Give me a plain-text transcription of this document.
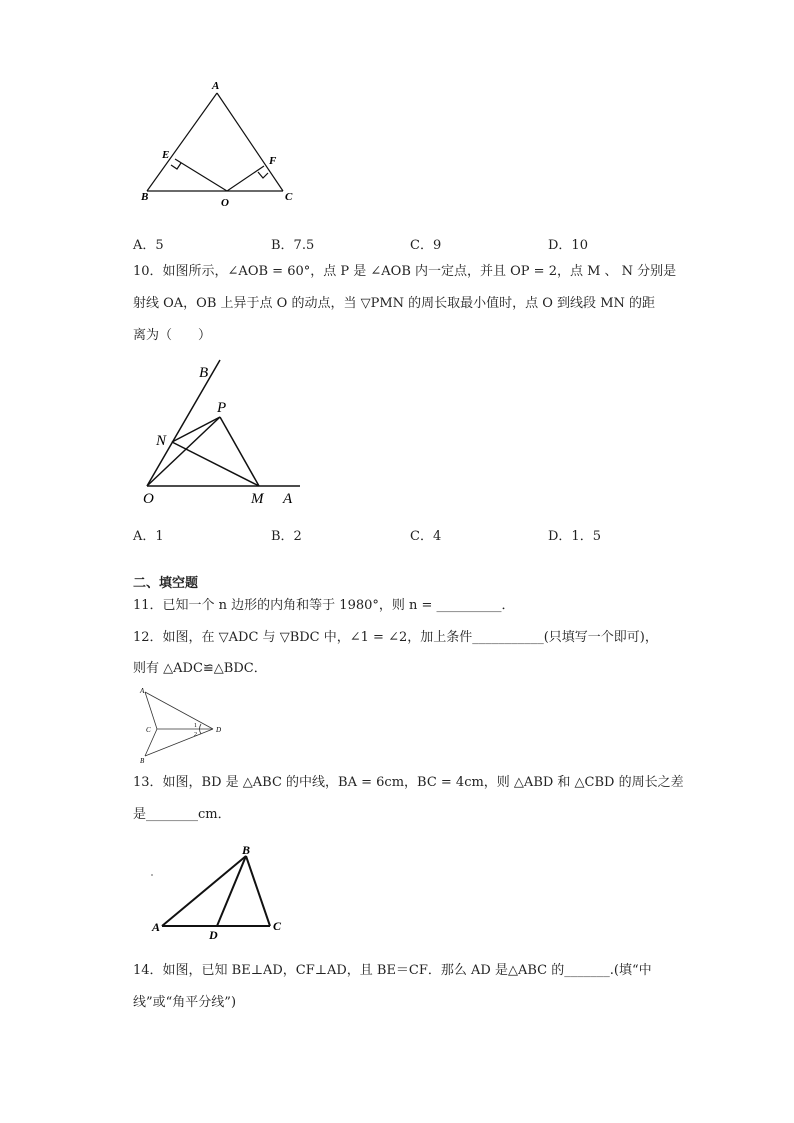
A
E	F
B	O	C
A．5	B．7.5	C．9	D．10
10．如图所示，∠AOB = 60°，点 P 是 ∠AOB 内一定点，并且 OP = 2，点 M 、 N 分别是
射线 OA，OB 上异于点 O 的动点，当 ▽PMN 的周长取最小值时，点 O 到线段 MN 的距
离为（　　）
B
P
N
O	M A
A．1	B．2	C．4	D．1．5
二、填空题
11．已知一个 n 边形的内角和等于 1980°，则 n = __________．
12．如图，在 ▽ADC 与 ▽BDC 中，∠1 = ∠2，加上条件___________(只填写一个即可)，
则有 △ADC≌△BDC．
A
B
C	D
1
2
13．如图，BD 是 △ABC 的中线，BA = 6cm，BC = 4cm，则 △ABD 和 △CBD 的周长之差
是________cm．
B
A
D
C
14．如图，已知 BE⊥AD，CF⊥AD，且 BE＝CF．那么 AD 是△ABC 的_______.(填“中
线”或“角平分线”)
